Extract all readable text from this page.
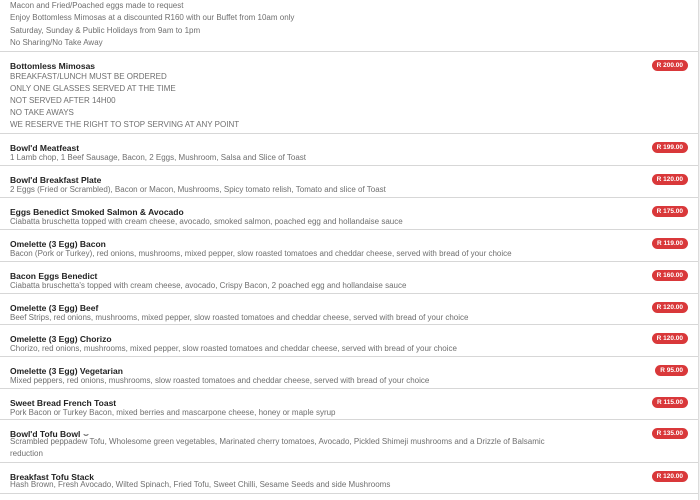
Macon and Fried/Poached eggs made to request
Enjoy Bottomless Mimosas at a discounted R160 with our Buffet from 10am only
Saturday, Sunday & Public Holidays from 9am to 1pm
No Sharing/No Take Away
Bottomless Mimosas
BREAKFAST/LUNCH MUST BE ORDERED
ONLY ONE GLASSES SERVED AT THE TIME
NOT SERVED AFTER 14H00
NO TAKE AWAYS
WE RESERVE THE RIGHT TO STOP SERVING AT ANY POINT
R 200.00
Bowl'd Meatfeast
1 Lamb chop, 1 Beef Sausage, Bacon, 2 Eggs, Mushroom, Salsa and Slice of Toast
R 199.00
Bowl'd Breakfast Plate
2 Eggs (Fried or Scrambled), Bacon or Macon, Mushrooms, Spicy tomato relish, Tomato and slice of Toast
R 120.00
Eggs Benedict Smoked Salmon & Avocado
Ciabatta bruschetta topped with cream cheese, avocado, smoked salmon, poached egg and hollandaise sauce
R 175.00
Omelette (3 Egg) Bacon
Bacon (Pork or Turkey), red onions, mushrooms, mixed pepper, slow roasted tomatoes and cheddar cheese, served with bread of your choice
R 119.00
Bacon Eggs Benedict
Ciabatta bruschetta's topped with cream cheese, avocado, Crispy Bacon, 2 poached egg and hollandaise sauce
R 160.00
Omelette (3 Egg) Beef
Beef Strips, red onions, mushrooms, mixed pepper, slow roasted tomatoes and cheddar cheese, served with bread of your choice
R 120.00
Omelette (3 Egg) Chorizo
Chorizo, red onions, mushrooms, mixed pepper, slow roasted tomatoes and cheddar cheese, served with bread of your choice
R 120.00
Omelette (3 Egg) Vegetarian
Mixed peppers, red onions, mushrooms, slow roasted tomatoes and cheddar cheese, served with bread of your choice
R 95.00
Sweet Bread French Toast
Pork Bacon or Turkey Bacon, mixed berries and mascarpone cheese, honey or maple syrup
R 115.00
Bowl'd Tofu Bowl ⌣
Scrambled peppadew Tofu, Wholesome green vegetables, Marinated cherry tomatoes, Avocado, Pickled Shimeji mushrooms and a Drizzle of Balsamic
reduction
R 135.00
Breakfast Tofu Stack
Hash Brown, Fresh Avocado, Wilted Spinach, Fried Tofu, Sweet Chilli, Sesame Seeds and side Mushrooms
R 120.00
